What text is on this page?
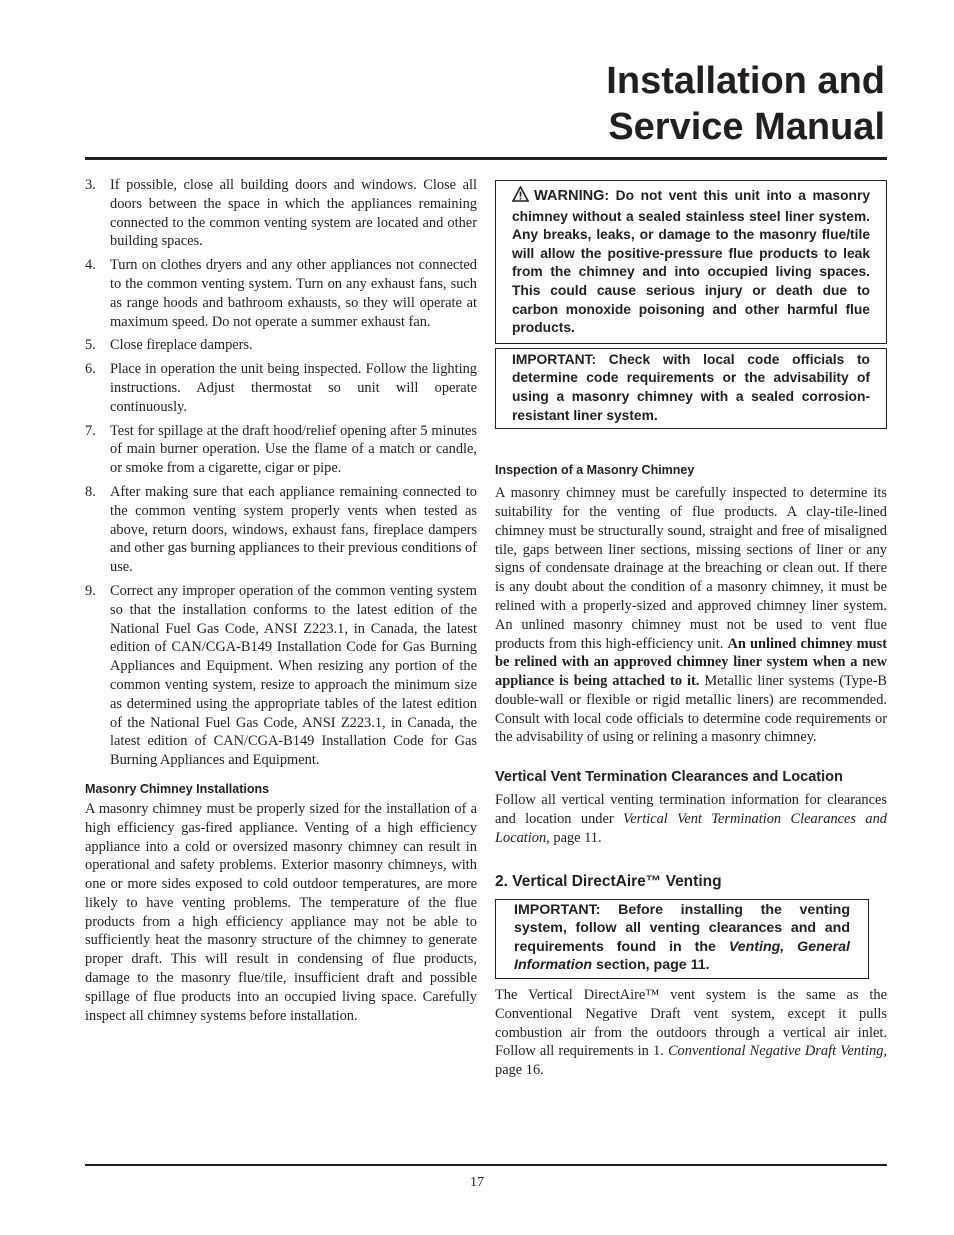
Installation and
Service Manual
3. If possible, close all building doors and windows. Close all doors between the space in which the appliances remaining connected to the common venting system are located and other building spaces.

4. Turn on clothes dryers and any other appliances not connected to the common venting system. Turn on any exhaust fans, such as range hoods and bathroom exhausts, so they will operate at maximum speed. Do not operate a summer exhaust fan.

5. Close fireplace dampers.

6. Place in operation the unit being inspected. Follow the lighting instructions. Adjust thermostat so unit will operate continuously.

7. Test for spillage at the draft hood/relief opening after 5 minutes of main burner operation. Use the flame of a match or candle, or smoke from a cigarette, cigar or pipe.

8. After making sure that each appliance remaining connected to the common venting system properly vents when tested as above, return doors, windows, exhaust fans, fireplace dampers and other gas burning appliances to their previous conditions of use.

9. Correct any improper operation of the common venting system so that the installation conforms to the latest edition of the National Fuel Gas Code, ANSI Z223.1, in Canada, the latest edition of CAN/CGA-B149 Installation Code for Gas Burning Appliances and Equipment. When resizing any portion of the common venting system, resize to approach the minimum size as determined using the appropriate tables of the latest edition of the National Fuel Gas Code, ANSI Z223.1, in Canada, the latest edition of CAN/CGA-B149 Installation Code for Gas Burning Appliances and Equipment.

Masonry Chimney Installations

A masonry chimney must be properly sized for the installation of a high efficiency gas-fired appliance. Venting of a high efficiency appliance into a cold or oversized masonry chimney can result in operational and safety problems. Exterior masonry chimneys, with one or more sides exposed to cold outdoor temperatures, are more likely to have venting problems. The temperature of the flue products from a high efficiency appliance may not be able to sufficiently heat the masonry structure of the chimney to generate proper draft. This will result in condensing of flue products, damage to the masonry flue/tile, insufficient draft and possible spillage of flue products into an occupied living space. Carefully inspect all chimney systems before installation.

WARNING: Do not vent this unit into a masonry chimney without a sealed stainless steel liner system. Any breaks, leaks, or damage to the masonry flue/tile will allow the positive-pressure flue products to leak from the chimney and into occupied living spaces. This could cause serious injury or death due to carbon monoxide poisoning and other harmful flue products.
IMPORTANT: Check with local code officials to determine code requirements or the advisability of using a masonry chimney with a sealed corrosion-resistant liner system.
Inspection of a Masonry Chimney

A masonry chimney must be carefully inspected to determine its suitability for the venting of flue products. A clay-tile-lined chimney must be structurally sound, straight and free of misaligned tile, gaps between liner sections, missing sections of liner or any signs of condensate drainage at the breaching or clean out. If there is any doubt about the condition of a masonry chimney, it must be relined with a properly-sized and approved chimney liner system. An unlined masonry chimney must not be used to vent flue products from this high-efficiency unit. An unlined chimney must be relined with an approved chimney liner system when a new appliance is being attached to it. Metallic liner systems (Type-B double-wall or flexible or rigid metallic liners) are recommended. Consult with local code officials to determine code requirements or the advisability of using or relining a masonry chimney.

Vertical Vent Termination Clearances and Location

Follow all vertical venting termination information for clearances and location under Vertical Vent Termination Clearances and Location, page 11.

2. Vertical DirectAire™ Venting
IMPORTANT: Before installing the venting system, follow all venting clearances and and requirements found in the Venting, General Information section, page 11.

The Vertical DirectAire™ vent system is the same as the Conventional Negative Draft vent system, except it pulls combustion air from the outdoors through a vertical air inlet. Follow all requirements in 1. Conventional Negative Draft Venting, page 16.

17
